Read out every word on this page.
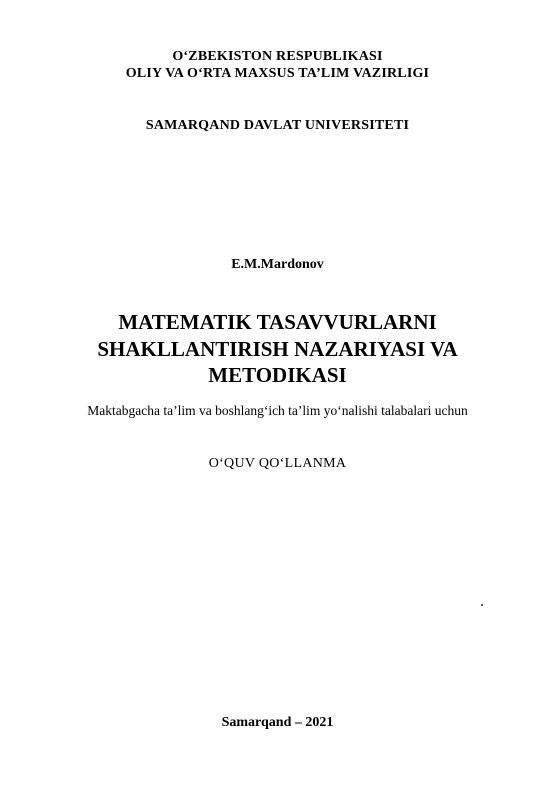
O‘ZBEKISTON RESPUBLIKASI
OLIY VA O‘RTA MAXSUS TA’LIM VAZIRLIGI
SAMARQAND DAVLAT UNIVERSITETI
E.M.Mardonov
MATEMATIK TASAVVURLARNI
SHAKLLANTIRISH NAZARIYASI VA
METODIKASI
Maktabgacha ta’lim va boshlang‘ich ta’lim yo‘nalishi talabalari uchun
O‘QUV QO‘LLANMA
Samarqand – 2021
